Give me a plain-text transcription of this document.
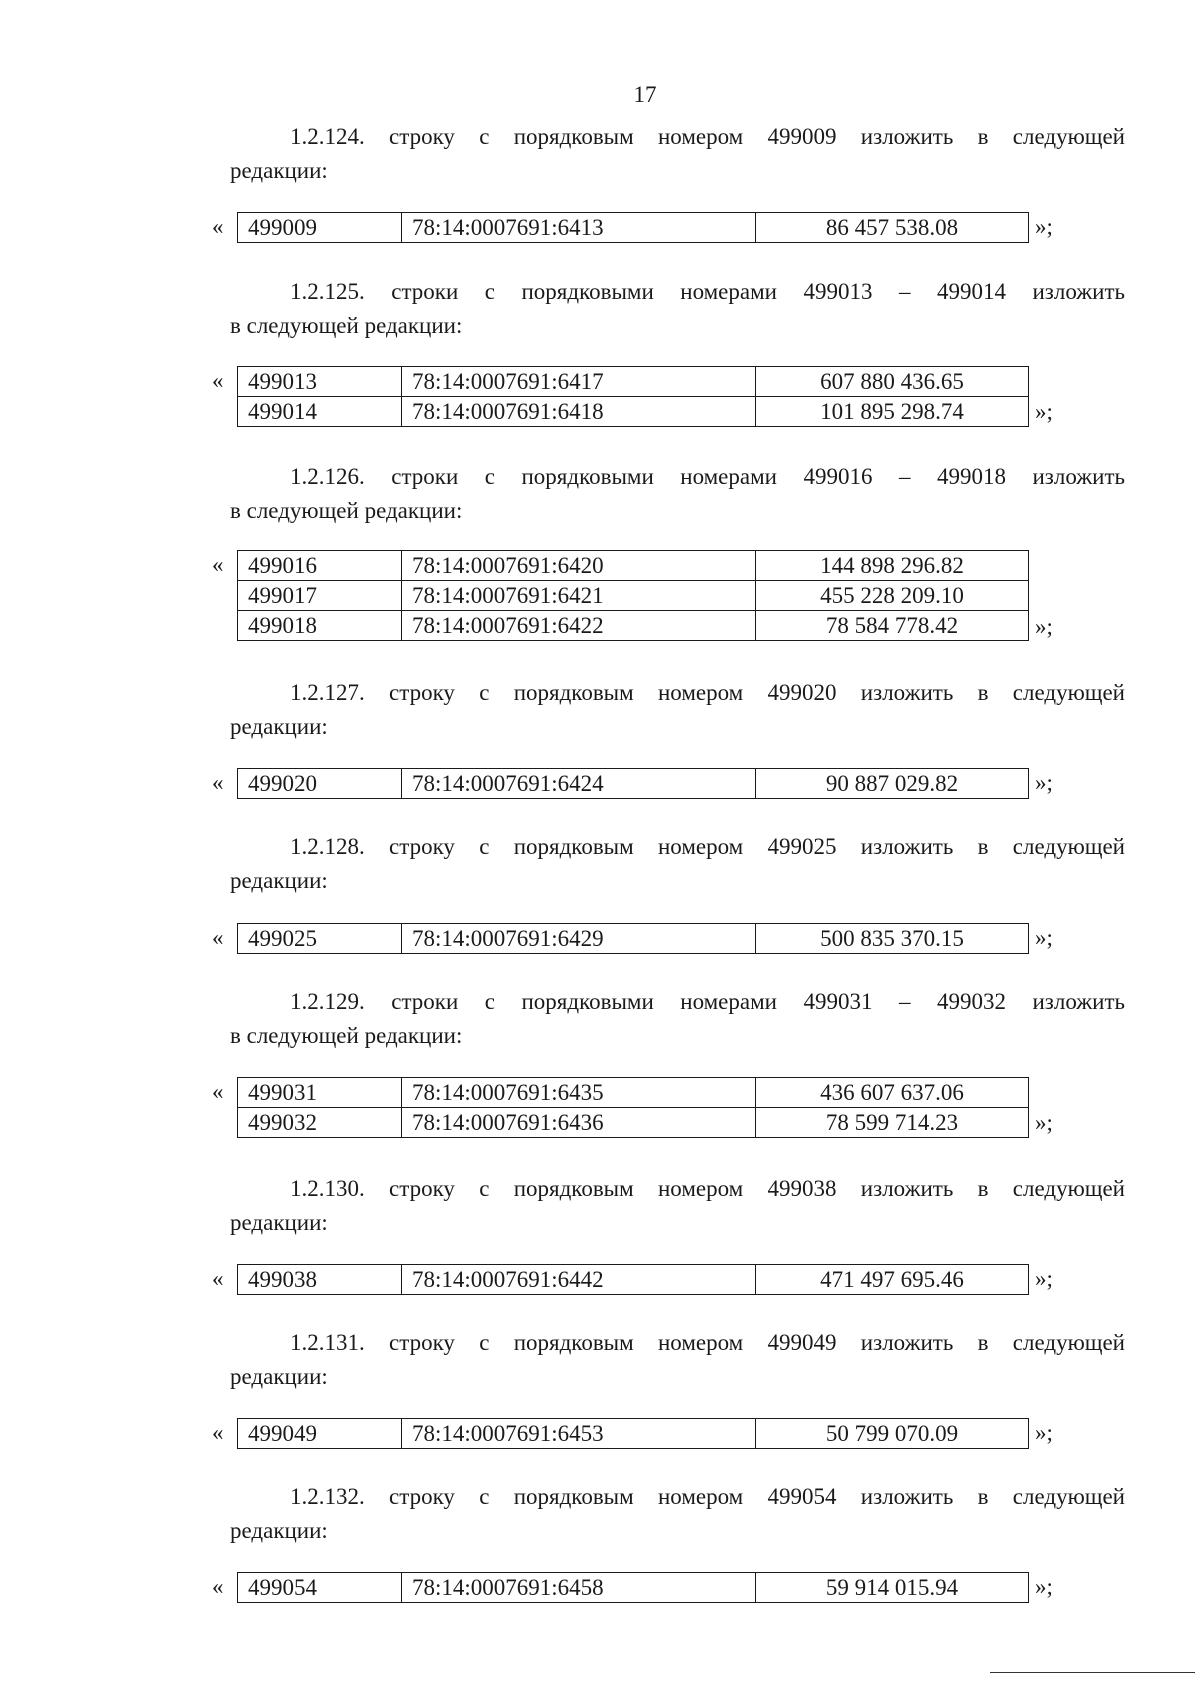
17
1.2.124. строку с порядковым номером 499009 изложить в следующей
редакции:
« 499009	78:14:0007691:6413	86 457 538.08	»;
1.2.125. строки с порядковыми номерами 499013 – 499014 изложить
в следующей редакции:
« 499013	78:14:0007691:6417	607 880 436.65
499014	78:14:0007691:6418	101 895 298.74	»;
1.2.126. строки с порядковыми номерами 499016 – 499018 изложить
в следующей редакции:
« 499016	78:14:0007691:6420	144 898 296.82
499017	78:14:0007691:6421	455 228 209.10
499018	78:14:0007691:6422	78 584 778.42	»;
1.2.127. строку с порядковым номером 499020 изложить в следующей
редакции:
« 499020	78:14:0007691:6424	90 887 029.82	»;
1.2.128. строку с порядковым номером 499025 изложить в следующей
редакции:
« 499025	78:14:0007691:6429	500 835 370.15	»;
1.2.129. строки с порядковыми номерами 499031 – 499032 изложить
в следующей редакции:
« 499031	78:14:0007691:6435	436 607 637.06
499032	78:14:0007691:6436	78 599 714.23	»;
1.2.130. строку с порядковым номером 499038 изложить в следующей
редакции:
« 499038	78:14:0007691:6442	471 497 695.46	»;
1.2.131. строку с порядковым номером 499049 изложить в следующей
редакции:
« 499049	78:14:0007691:6453	50 799 070.09	»;
1.2.132. строку с порядковым номером 499054 изложить в следующей
редакции:
« 499054	78:14:0007691:6458	59 914 015.94	»;
